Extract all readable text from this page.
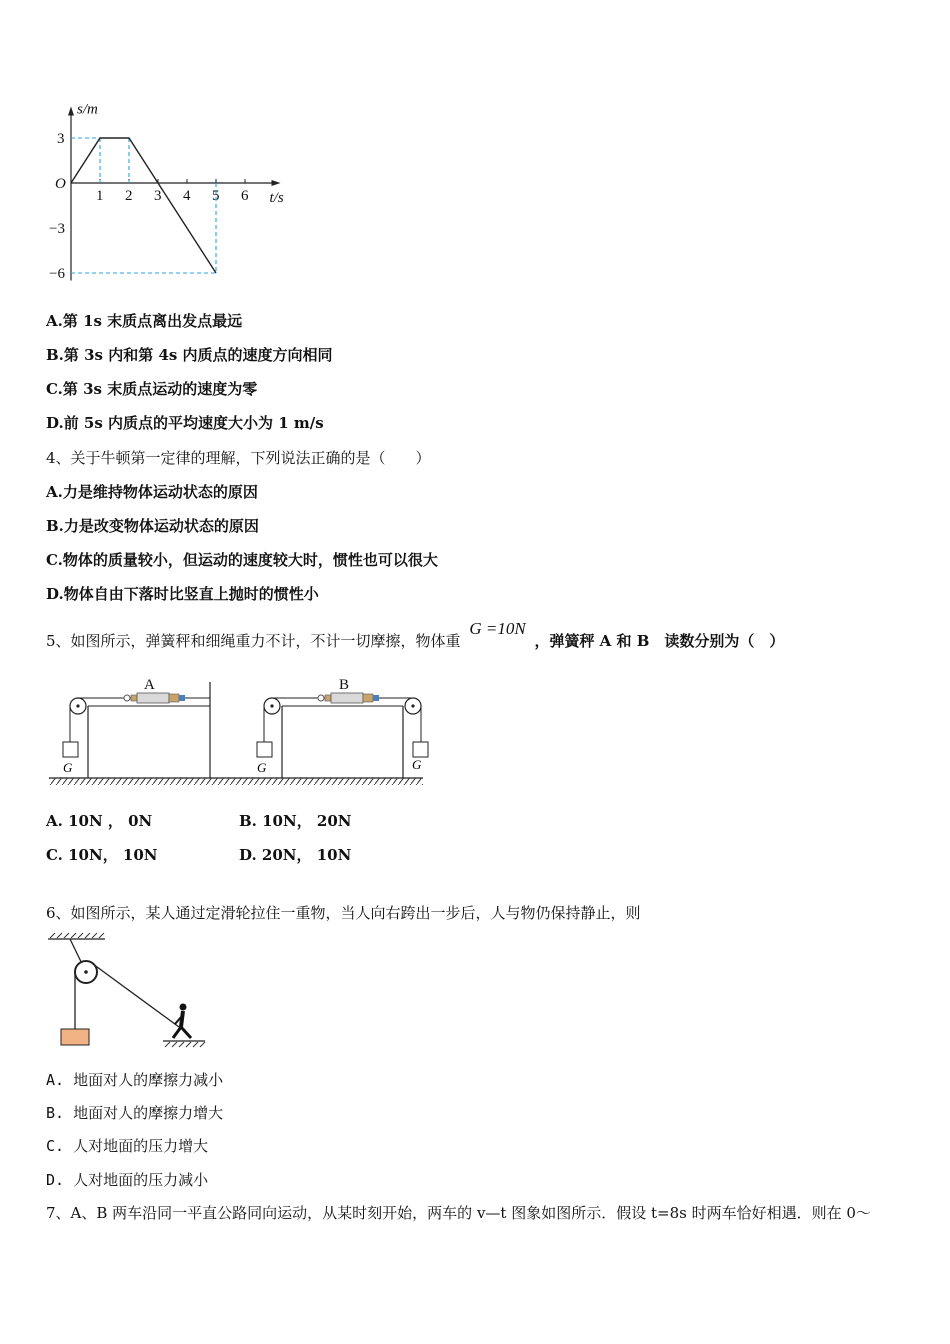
1 2 3 4 5 6
3
O
−3
−6
s/m
t/s
A.第 1s 末质点离出发点最远
B.第 3s 内和第 4s 内质点的速度方向相同
C.第 3s 末质点运动的速度为零
D.前 5s 内质点的平均速度大小为 1 m/s
4、关于牛顿第一定律的理解，下列说法正确的是（　　）
A.力是维持物体运动状态的原因
B.力是改变物体运动状态的原因
C.物体的质量较小，但运动的速度较大时，惯性也可以很大
D.物体自由下落时比竖直上抛时的惯性小
5、如图所示，弹簧秤和细绳重力不计，不计一切摩擦，物体重 G =10N ，弹簧秤 A 和 B　读数分别为（　）
G
A
G	G
B
A. 10N ， 0N	B. 10N， 20N
C. 10N， 10N	D. 20N， 10N
6、如图所示，某人通过定滑轮拉住一重物，当人向右跨出一步后，人与物仍保持静止，则
A. 地面对人的摩擦力减小
B. 地面对人的摩擦力增大
C. 人对地面的压力增大
D. 人对地面的压力减小
7、A、B 两车沿同一平直公路同向运动，从某时刻开始，两车的 v—t 图象如图所示．假设 t=8s 时两车恰好相遇．则在 0～
